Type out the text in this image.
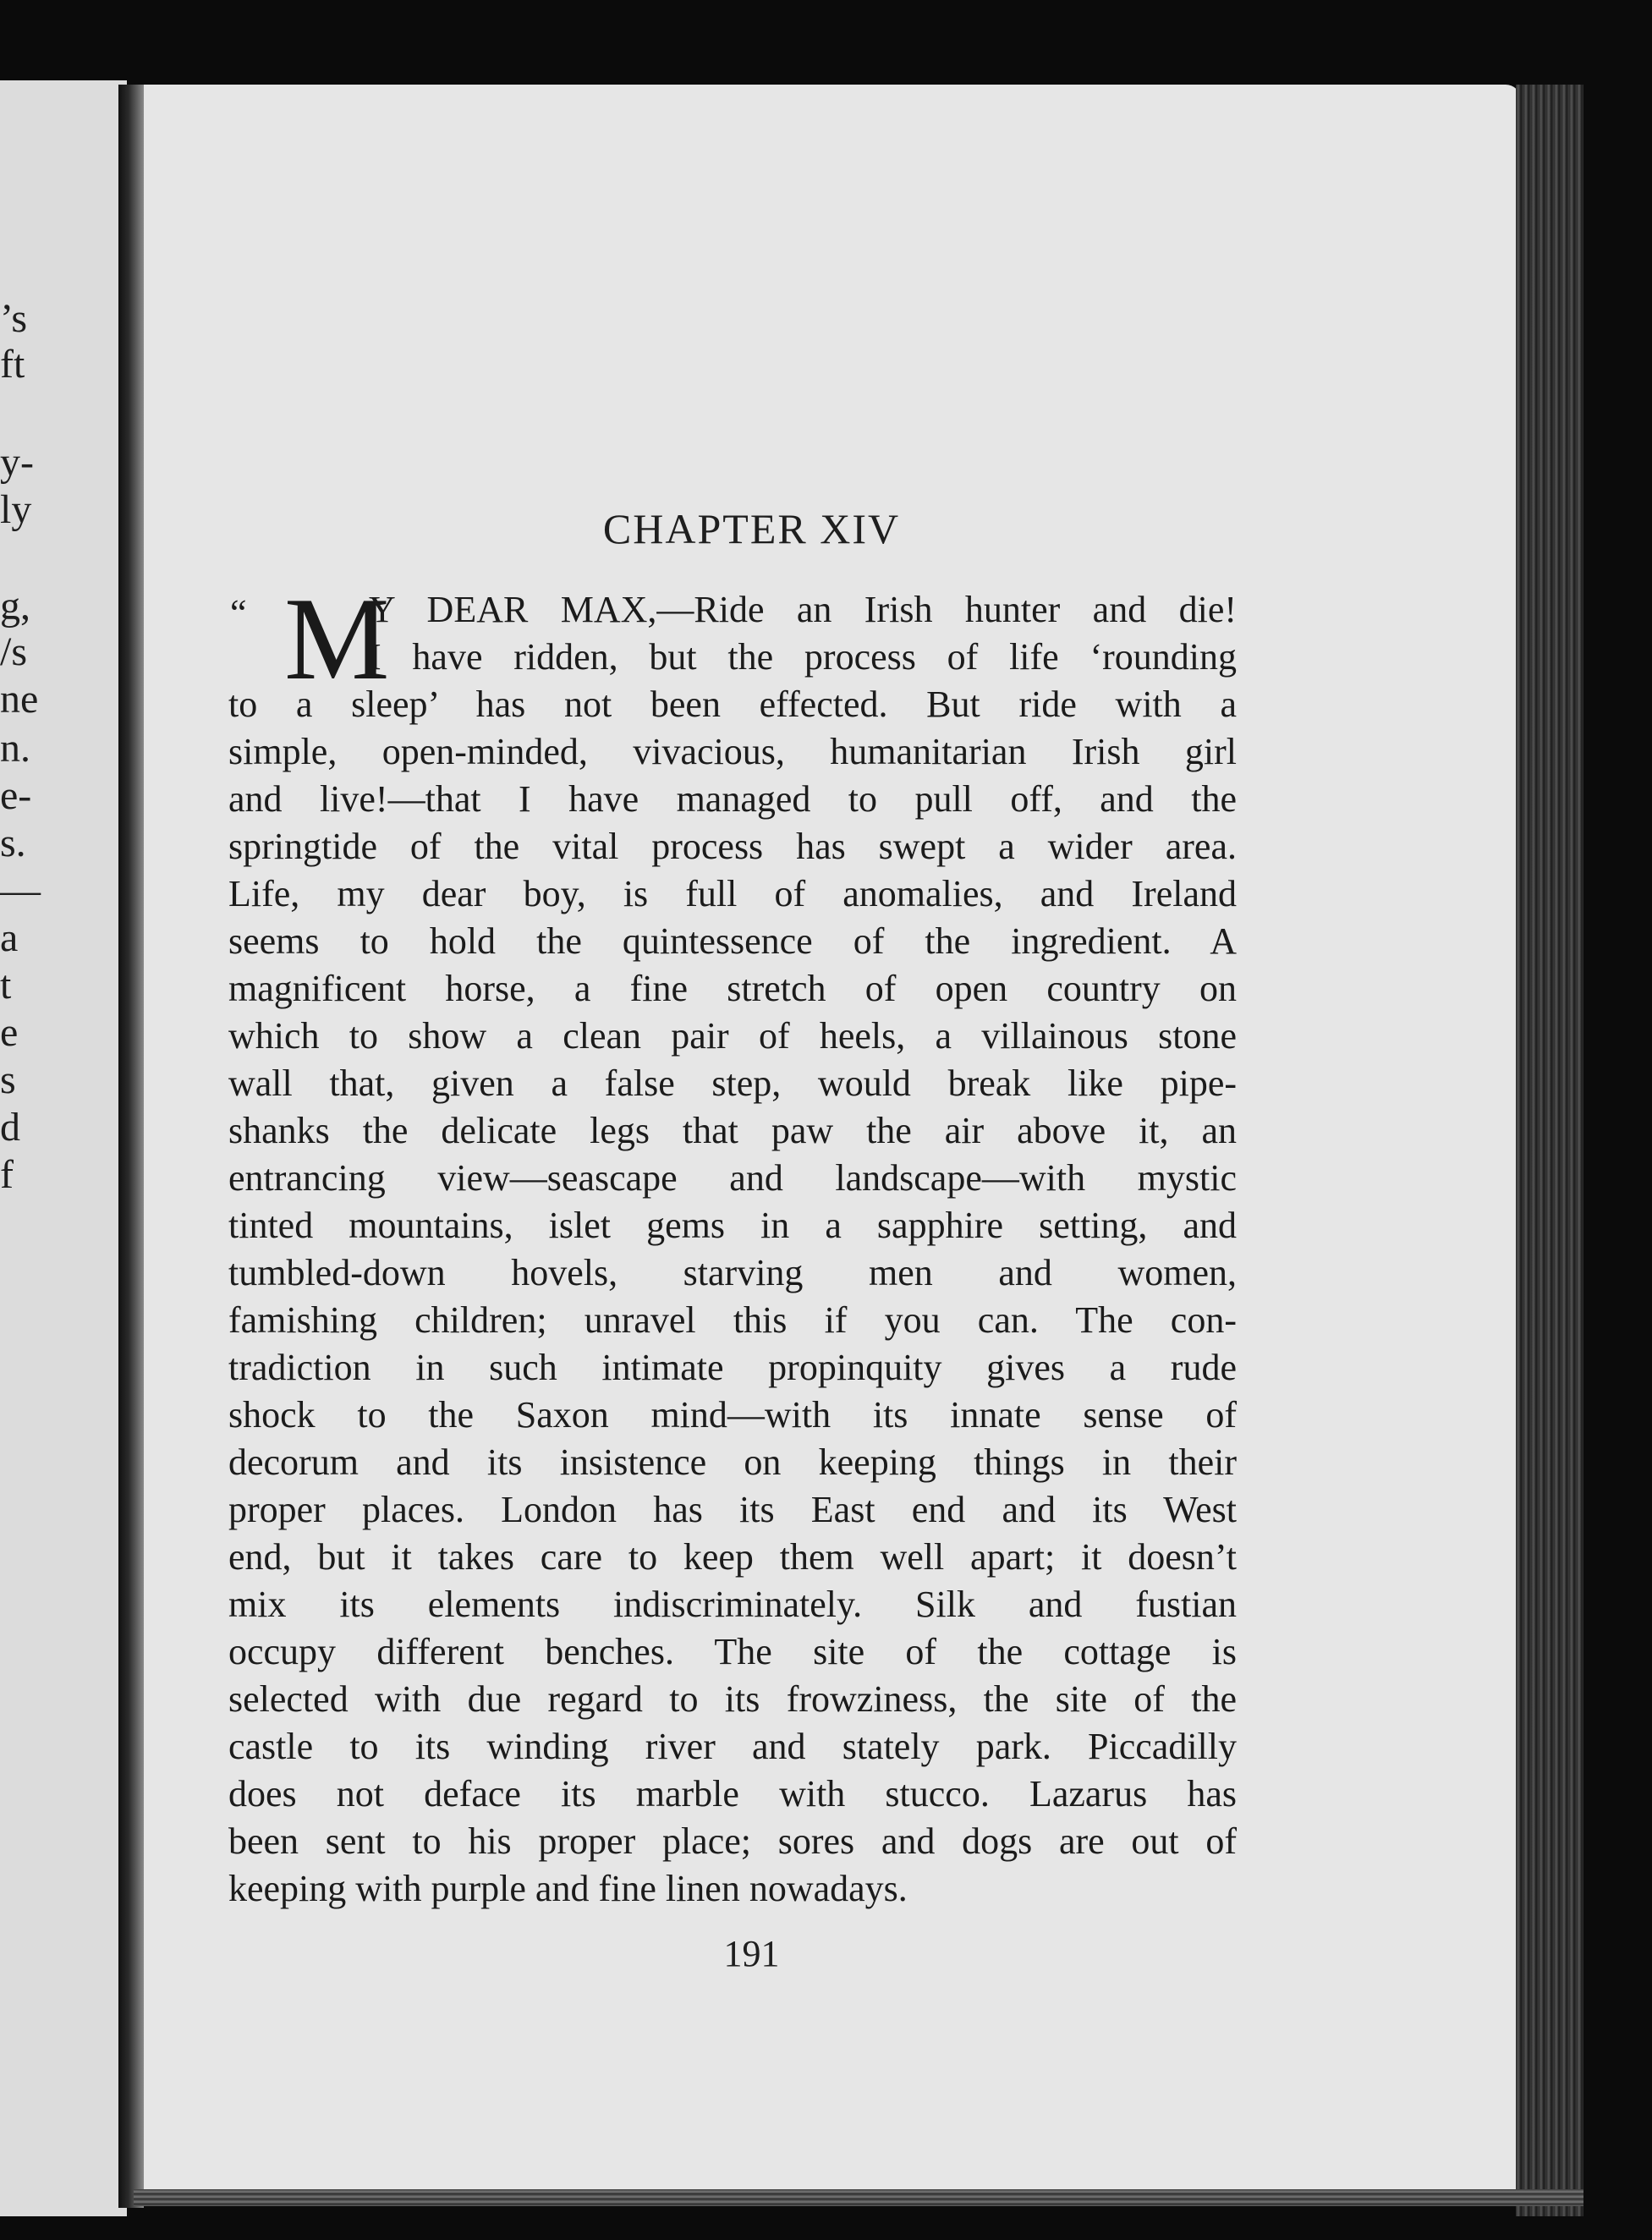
’s
ft
y-
ly
g,
/s
ne
n.
e-
s.
—
a
t
e
s
d
f
CHAPTER XIV
“ M
Y DEAR MAX,—Ride an Irish hunter and die!
I have ridden, but the process of life ‘rounding
to a sleep’ has not been effected. But ride with a
simple, open-minded, vivacious, humanitarian Irish girl
and live!—that I have managed to pull off, and the
springtide of the vital process has swept a wider area.
Life, my dear boy, is full of anomalies, and Ireland
seems to hold the quintessence of the ingredient. A
magnificent horse, a fine stretch of open country on
which to show a clean pair of heels, a villainous stone
wall that, given a false step, would break like pipe-
shanks the delicate legs that paw the air above it, an
entrancing view—seascape and landscape—with mystic
tinted mountains, islet gems in a sapphire setting, and
tumbled-down hovels, starving men and women,
famishing children; unravel this if you can. The con-
tradiction in such intimate propinquity gives a rude
shock to the Saxon mind—with its innate sense of
decorum and its insistence on keeping things in their
proper places. London has its East end and its West
end, but it takes care to keep them well apart; it doesn’t
mix its elements indiscriminately. Silk and fustian
occupy different benches. The site of the cottage is
selected with due regard to its frowziness, the site of the
castle to its winding river and stately park. Piccadilly
does not deface its marble with stucco. Lazarus has
been sent to his proper place; sores and dogs are out of
keeping with purple and fine linen nowadays.
191
